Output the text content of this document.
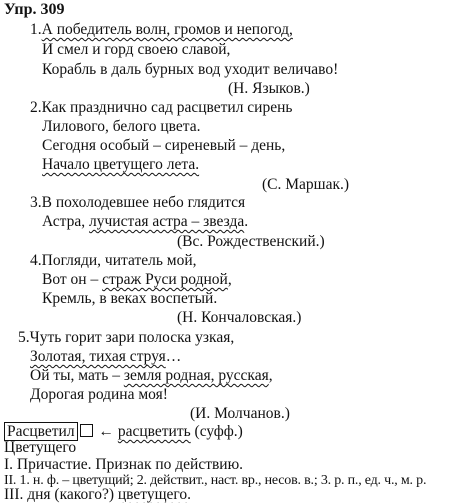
Упр. 309
1.А победитель волн, громов и непогод,
И смел и горд своею славой,
Корабль в даль бурных вод уходит величаво!
(Н. Языков.)
2.Как празднично сад расцветил сирень
Лилового, белого цвета.
Сегодня особый – сиреневый – день,
Начало цветущего лета.
(С. Маршак.)
3.В похолодевшее небо глядится
Астра, лучистая астра – звезда.
(Вс. Рождественский.)
4.Погляди, читатель мой,
Вот он – страж Руси родной,
Кремль, в веках воспетый.
(Н. Кончаловская.)
5.Чуть горит зари полоска узкая,
Золотая, тихая струя…
Ой ты, мать – земля родная, русская,
Дорогая родина моя!
(И. Молчанов.)
Расцветил ← расцветить (суфф.)
Цветущего
I. Причастие. Признак по действию.
III. дня (какого?) цветущего.
II. 1. н. ф. – цветущий; 2. действит., наст. вр., несов. в.; 3. р. п., ед. ч., м. р.
